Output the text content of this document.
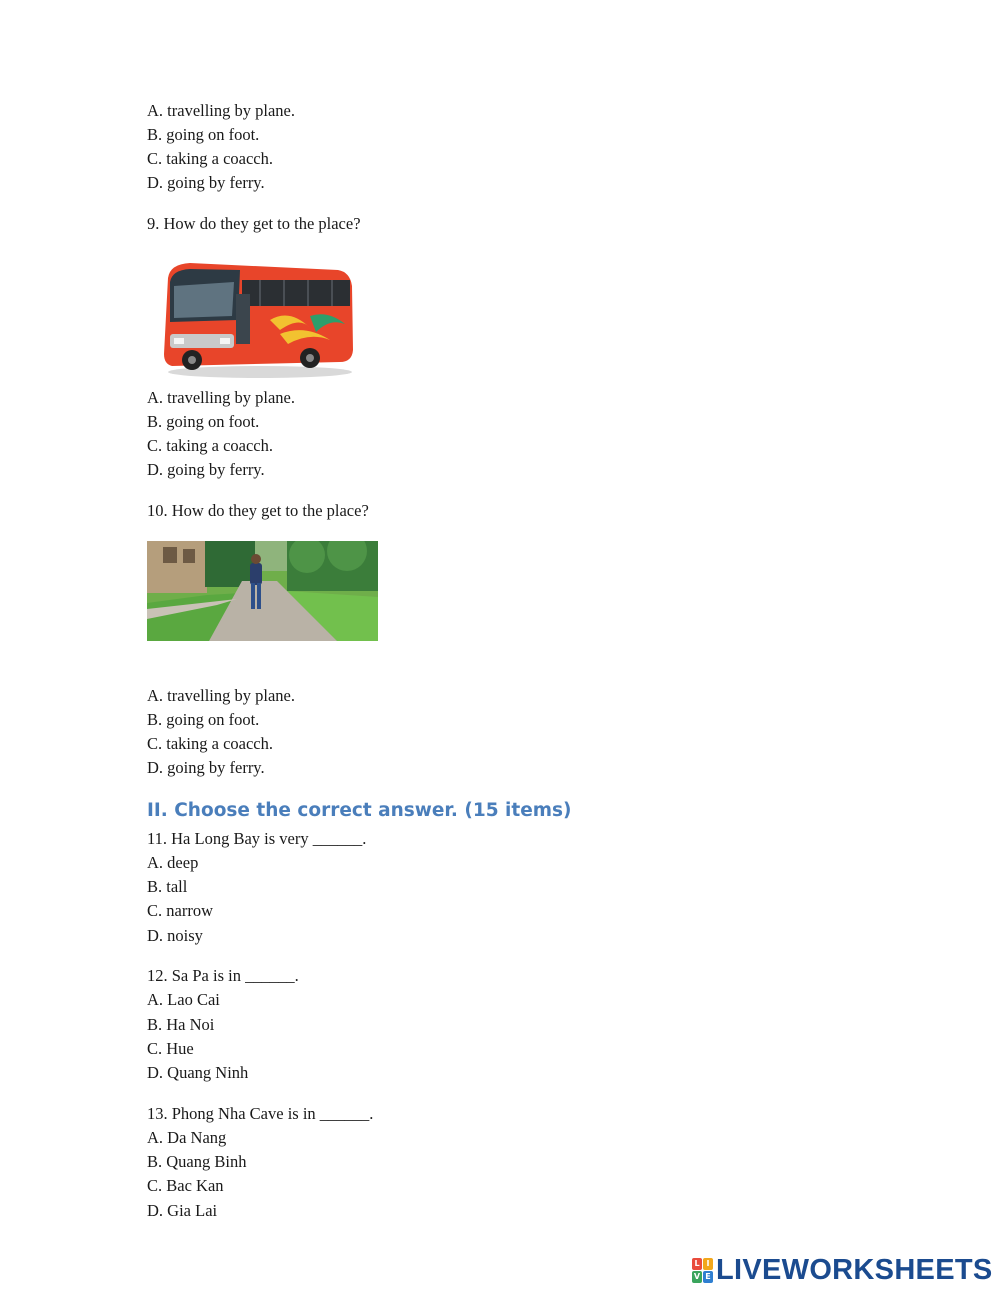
A. travelling by plane.
B. going on foot.
C. taking a coacch.
D. going by ferry.
9. How do they get to the place?
A. travelling by plane.
B. going on foot.
C. taking a coacch.
D. going by ferry.
10. How do they get to the place?
A. travelling by plane.
B. going on foot.
C. taking a coacch.
D. going by ferry.
II. Choose the correct answer. (15 items)
11. Ha Long Bay is very ______.
A. deep
B. tall
C. narrow
D. noisy
12. Sa Pa is in ______.
A. Lao Cai
B. Ha Noi
C. Hue
D. Quang Ninh
13. Phong Nha Cave is in ______.
A. Da Nang
B. Quang Binh
C. Bac Kan
D. Gia Lai
L I
V E LIVEWORKSHEETS
